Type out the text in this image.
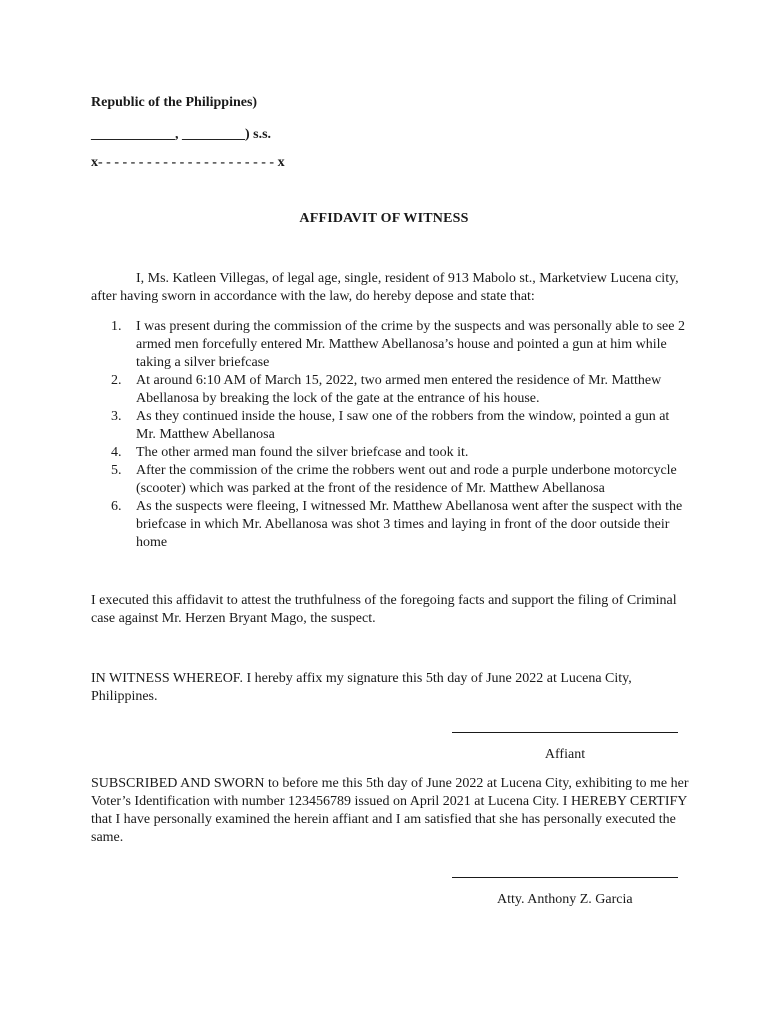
Republic of the Philippines)
____________, _________) s.s.
x- - - - - - - - - - - - - - - - - - - - - - x
AFFIDAVIT OF WITNESS
I, Ms. Katleen Villegas, of legal age, single, resident of 913 Mabolo st., Marketview Lucena city, after having sworn in accordance with the law, do hereby depose and state that:
1. I was present during the commission of the crime by the suspects and was personally able to see 2 armed men forcefully entered Mr. Matthew Abellanosa’s house and pointed a gun at him while taking a silver briefcase
2. At around 6:10 AM of March 15, 2022, two armed men entered the residence of Mr. Matthew Abellanosa by breaking the lock of the gate at the entrance of his house.
3. As they continued inside the house, I saw one of the robbers from the window, pointed a gun at Mr. Matthew Abellanosa
4. The other armed man found the silver briefcase and took it.
5. After the commission of the crime the robbers went out and rode a purple underbone motorcycle (scooter) which was parked at the front of the residence of Mr. Matthew Abellanosa
6. As the suspects were fleeing, I witnessed Mr. Matthew Abellanosa went after the suspect with the briefcase in which Mr. Abellanosa was shot 3 times and laying in front of the door outside their home
I executed this affidavit to attest the truthfulness of the foregoing facts and support the filing of Criminal case against Mr. Herzen Bryant Mago, the suspect.
IN WITNESS WHEREOF. I hereby affix my signature this 5th day of June 2022 at Lucena City, Philippines.
Affiant
SUBSCRIBED AND SWORN to before me this 5th day of June 2022 at Lucena City, exhibiting to me her Voter’s Identification with number 123456789 issued on April 2021 at Lucena City. I HEREBY CERTIFY that I have personally examined the herein affiant and I am satisfied that she has personally executed the same.
Atty. Anthony Z. Garcia
